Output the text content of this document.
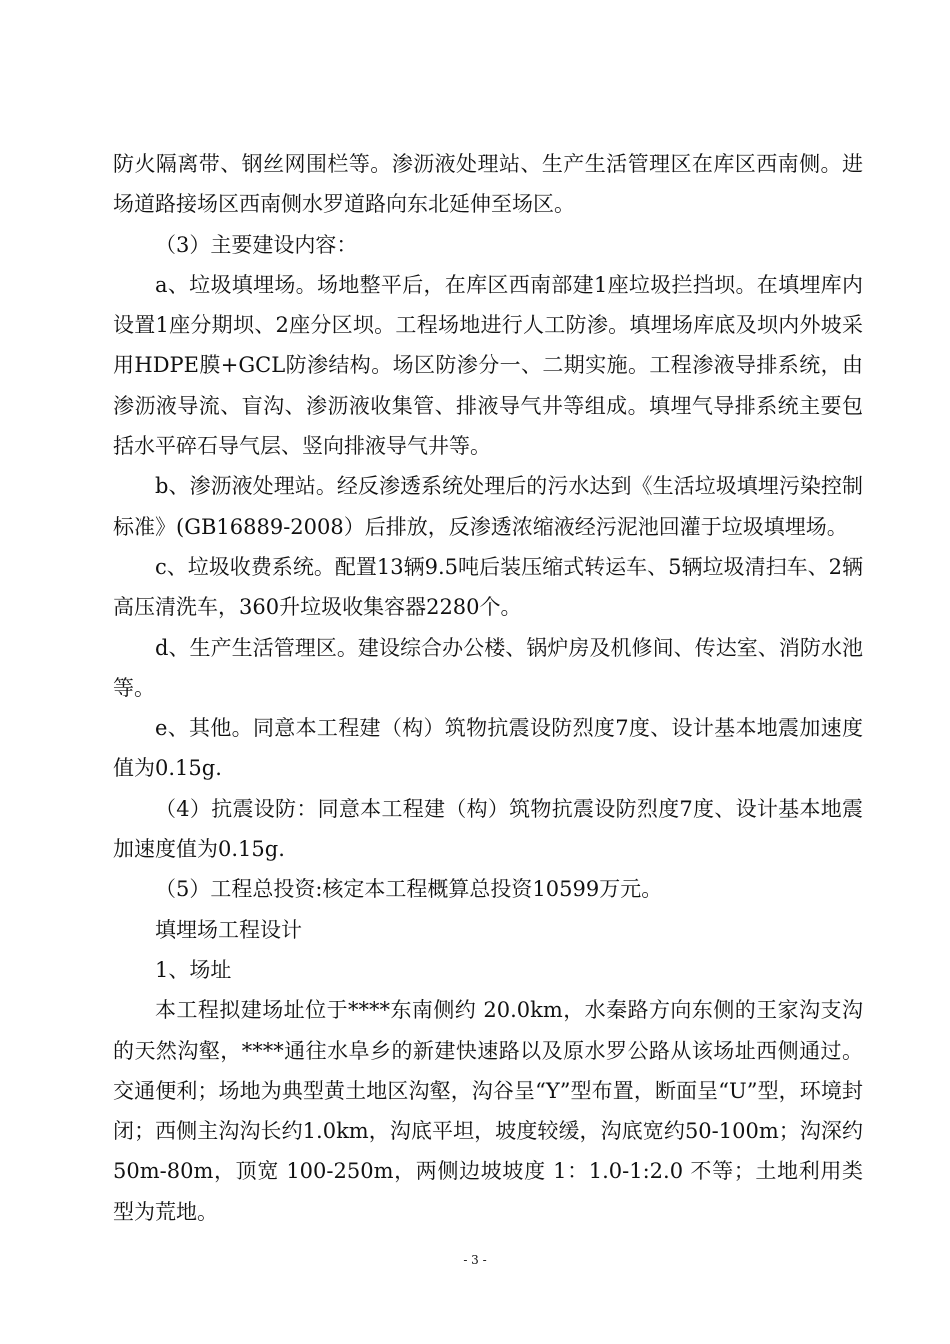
防火隔离带、钢丝网围栏等。渗沥液处理站、生产生活管理区在库区西南侧。进场道路接场区西南侧水罗道路向东北延伸至场区。

（3）主要建设内容：

a、垃圾填埋场。场地整平后，在库区西南部建1座垃圾拦挡坝。在填埋库内设置1座分期坝、2座分区坝。工程场地进行人工防渗。填埋场库底及坝内外坡采用HDPE膜+GCL防渗结构。场区防渗分一、二期实施。工程渗液导排系统，由渗沥液导流、盲沟、渗沥液收集管、排液导气井等组成。填埋气导排系统主要包括水平碎石导气层、竖向排液导气井等。

b、渗沥液处理站。经反渗透系统处理后的污水达到《生活垃圾填埋污染控制标准》(GB16889-2008）后排放，反渗透浓缩液经污泥池回灌于垃圾填埋场。

c、垃圾收费系统。配置13辆9.5吨后装压缩式转运车、5辆垃圾清扫车、2辆高压清洗车，360升垃圾收集容器2280个。

d、生产生活管理区。建设综合办公楼、锅炉房及机修间、传达室、消防水池等。

e、其他。同意本工程建（构）筑物抗震设防烈度7度、设计基本地震加速度值为0.15g.

（4）抗震设防：同意本工程建（构）筑物抗震设防烈度7度、设计基本地震加速度值为0.15g.

（5）工程总投资:核定本工程概算总投资10599万元。

填埋场工程设计

1、场址

本工程拟建场址位于****东南侧约 20.0km，水秦路方向东侧的王家沟支沟的天然沟壑，****通往水阜乡的新建快速路以及原水罗公路从该场址西侧通过。交通便利；场地为典型黄土地区沟壑，沟谷呈“Y”型布置，断面呈“U”型，环境封闭；西侧主沟沟长约1.0km，沟底平坦，坡度较缓，沟底宽约50-100m；沟深约50m-80m，顶宽 100-250m，两侧边坡坡度 1：1.0-1:2.0 不等；土地利用类型为荒地。

- 3 -
